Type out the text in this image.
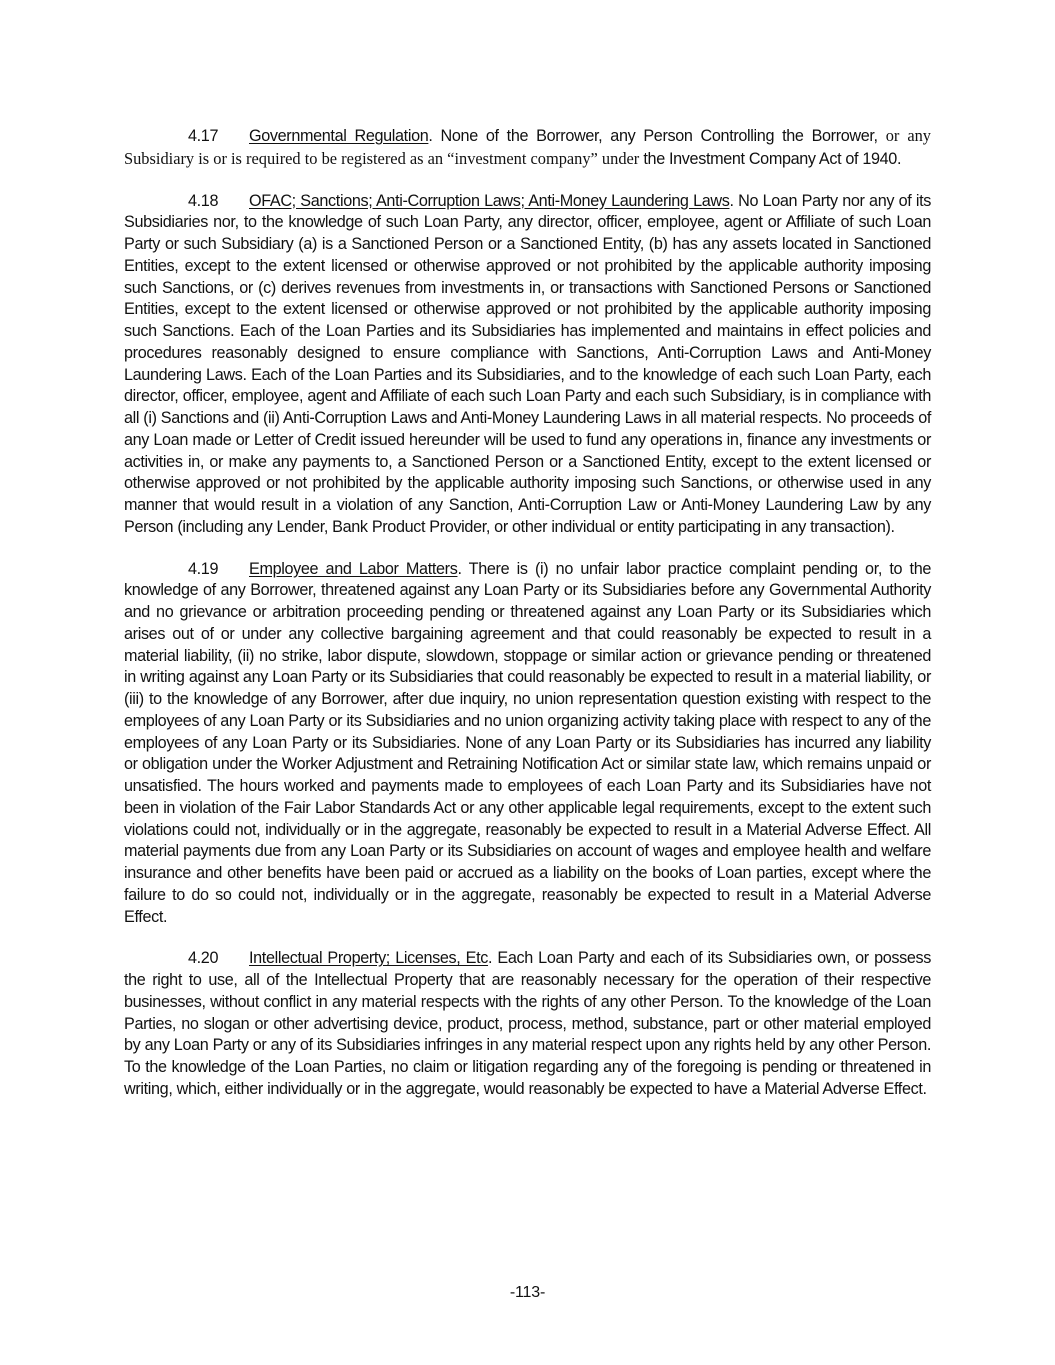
4.17 Governmental Regulation. None of the Borrower, any Person Controlling the Borrower, or any Subsidiary is or is required to be registered as an “investment company” under the Investment Company Act of 1940.

4.18 OFAC; Sanctions; Anti-Corruption Laws; Anti-Money Laundering Laws. No Loan Party nor any of its Subsidiaries nor, to the knowledge of such Loan Party, any director, officer, employee, agent or Affiliate of such Loan Party or such Subsidiary (a) is a Sanctioned Person or a Sanctioned Entity, (b) has any assets located in Sanctioned Entities, except to the extent licensed or otherwise approved or not prohibited by the applicable authority imposing such Sanctions, or (c) derives revenues from investments in, or transactions with Sanctioned Persons or Sanctioned Entities, except to the extent licensed or otherwise approved or not prohibited by the applicable authority imposing such Sanctions. Each of the Loan Parties and its Subsidiaries has implemented and maintains in effect policies and procedures reasonably designed to ensure compliance with Sanctions, Anti-Corruption Laws and Anti-Money Laundering Laws. Each of the Loan Parties and its Subsidiaries, and to the knowledge of each such Loan Party, each director, officer, employee, agent and Affiliate of each such Loan Party and each such Subsidiary, is in compliance with all (i) Sanctions and (ii) Anti-Corruption Laws and Anti-Money Laundering Laws in all material respects. No proceeds of any Loan made or Letter of Credit issued hereunder will be used to fund any operations in, finance any investments or activities in, or make any payments to, a Sanctioned Person or a Sanctioned Entity, except to the extent licensed or otherwise approved or not prohibited by the applicable authority imposing such Sanctions, or otherwise used in any manner that would result in a violation of any Sanction, Anti-Corruption Law or Anti-Money Laundering Law by any Person (including any Lender, Bank Product Provider, or other individual or entity participating in any transaction).

4.19 Employee and Labor Matters. There is (i) no unfair labor practice complaint pending or, to the knowledge of any Borrower, threatened against any Loan Party or its Subsidiaries before any Governmental Authority and no grievance or arbitration proceeding pending or threatened against any Loan Party or its Subsidiaries which arises out of or under any collective bargaining agreement and that could reasonably be expected to result in a material liability, (ii) no strike, labor dispute, slowdown, stoppage or similar action or grievance pending or threatened in writing against any Loan Party or its Subsidiaries that could reasonably be expected to result in a material liability, or (iii) to the knowledge of any Borrower, after due inquiry, no union representation question existing with respect to the employees of any Loan Party or its Subsidiaries and no union organizing activity taking place with respect to any of the employees of any Loan Party or its Subsidiaries. None of any Loan Party or its Subsidiaries has incurred any liability or obligation under the Worker Adjustment and Retraining Notification Act or similar state law, which remains unpaid or unsatisfied. The hours worked and payments made to employees of each Loan Party and its Subsidiaries have not been in violation of the Fair Labor Standards Act or any other applicable legal requirements, except to the extent such violations could not, individually or in the aggregate, reasonably be expected to result in a Material Adverse Effect. All material payments due from any Loan Party or its Subsidiaries on account of wages and employee health and welfare insurance and other benefits have been paid or accrued as a liability on the books of Loan parties, except where the failure to do so could not, individually or in the aggregate, reasonably be expected to result in a Material Adverse Effect.

4.20 Intellectual Property; Licenses, Etc. Each Loan Party and each of its Subsidiaries own, or possess the right to use, all of the Intellectual Property that are reasonably necessary for the operation of their respective businesses, without conflict in any material respects with the rights of any other Person. To the knowledge of the Loan Parties, no slogan or other advertising device, product, process, method, substance, part or other material employed by any Loan Party or any of its Subsidiaries infringes in any material respect upon any rights held by any other Person. To the knowledge of the Loan Parties, no claim or litigation regarding any of the foregoing is pending or threatened in writing, which, either individually or in the aggregate, would reasonably be expected to have a Material Adverse Effect.

-113-
